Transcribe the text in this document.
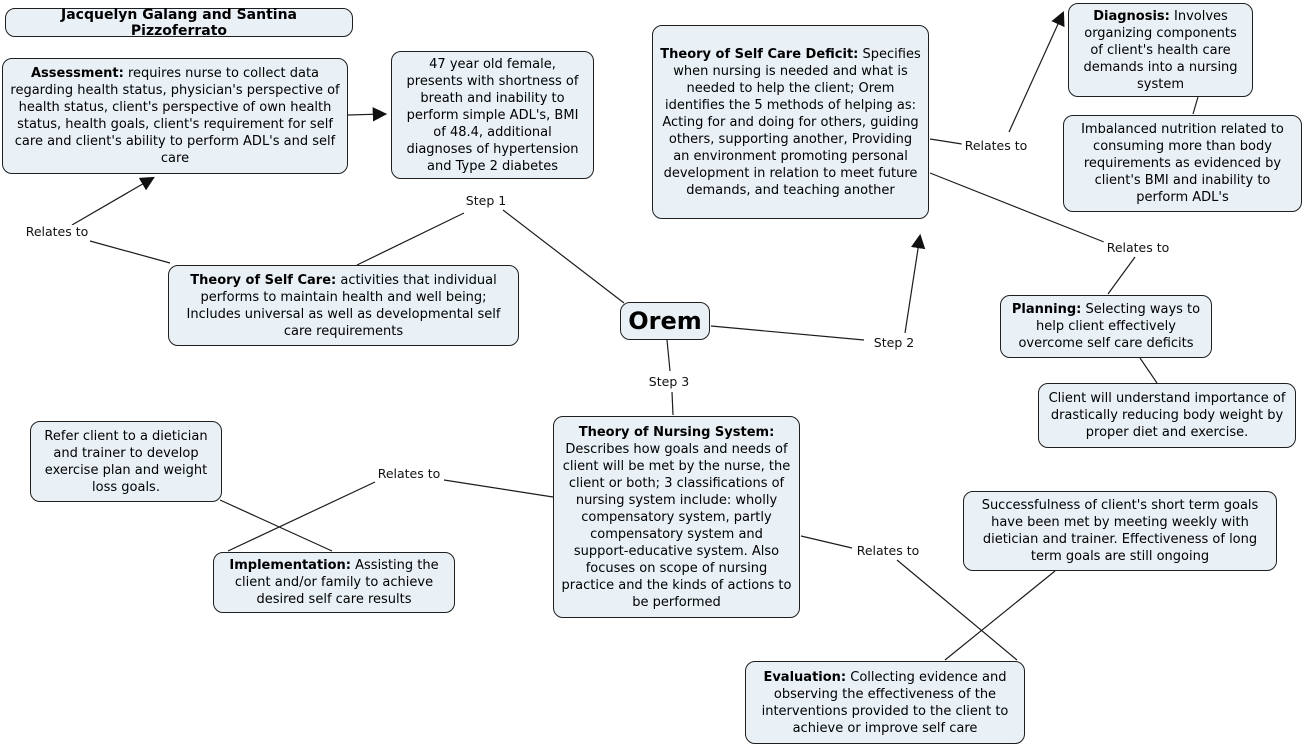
Jacquelyn Galang and Santina Pizzoferrato
Assessment: requires nurse to collect data regarding health status, physician's perspective of health status, client's perspective of own health status, health goals, client's requirement for self care and client's ability to perform ADL's and self care
47 year old female, presents with shortness of breath and inability to perform simple ADL's, BMI of 48.4, additional diagnoses of hypertension and Type 2 diabetes
Theory of Self Care Deficit: Specifies when nursing is needed and what is needed to help the client; Orem identifies the 5 methods of helping as: Acting for and doing for others, guiding others, supporting another, Providing an environment promoting personal development in relation to meet future demands, and teaching another
Diagnosis: Involves organizing components of client's health care demands into a nursing system
Imbalanced nutrition related to consuming more than body requirements as evidenced by client's BMI and inability to perform ADL's
Theory of Self Care: activities that individual performs to maintain health and well being; Includes universal as well as developmental self care requirements	Orem	Planning: Selecting ways to help client effectively overcome self care deficits
Client will understand importance of drastically reducing body weight by proper diet and exercise.
Refer client to a dietician and trainer to develop exercise plan and weight loss goals.
Theory of Nursing System: Describes how goals and needs of client will be met by the nurse, the client or both; 3 classifications of nursing system include: wholly compensatory system, partly compensatory system and support-educative system. Also focuses on scope of nursing practice and the kinds of actions to be performed
Implementation: Assisting the client and/or family to achieve desired self care results
Successfulness of client's short term goals have been met by meeting weekly with dietician and trainer. Effectiveness of long term goals are still ongoing
Evaluation: Collecting evidence and observing the effectiveness of the interventions provided to the client to achieve or improve self care
Relates to
Step 1
Step 2
Step 3
Relates to
Relates to
Relates to
Relates to
